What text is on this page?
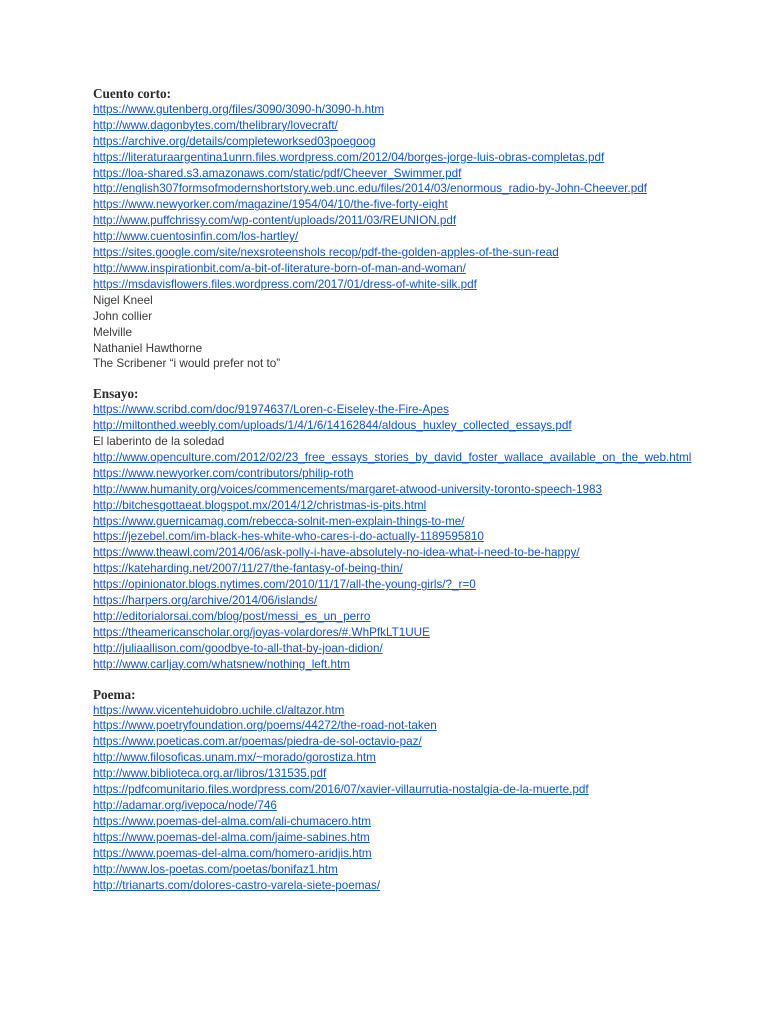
Cuento corto:
https://www.gutenberg.org/files/3090/3090-h/3090-h.htm
http://www.dagonbytes.com/thelibrary/lovecraft/
https://archive.org/details/completeworksed03poegoog
https://literaturaargentina1unrn.files.wordpress.com/2012/04/borges-jorge-luis-obras-completas.pdf
https://loa-shared.s3.amazonaws.com/static/pdf/Cheever_Swimmer.pdf
http://english307formsofmodernshortstory.web.unc.edu/files/2014/03/enormous_radio-by-John-Cheever.pdf
https://www.newyorker.com/magazine/1954/04/10/the-five-forty-eight
http://www.puffchrissy.com/wp-content/uploads/2011/03/REUNION.pdf
http://www.cuentosinfin.com/los-hartley/
https://sites.google.com/site/nexsroteenshols recop/pdf-the-golden-apples-of-the-sun-read
http://www.inspirationbit.com/a-bit-of-literature-born-of-man-and-woman/
https://msdavisflowers.files.wordpress.com/2017/01/dress-of-white-silk.pdf
Nigel Kneel
John collier
Melville
Nathaniel Hawthorne
The Scribener “i would prefer not to”
Ensayo:
https://www.scribd.com/doc/91974637/Loren-c-Eiseley-the-Fire-Apes
http://miltonthed.weebly.com/uploads/1/4/1/6/14162844/aldous_huxley_collected_essays.pdf
El laberinto de la soledad
http://www.openculture.com/2012/02/23_free_essays_stories_by_david_foster_wallace_available_on_the_web.html
https://www.newyorker.com/contributors/philip-roth
http://www.humanity.org/voices/commencements/margaret-atwood-university-toronto-speech-1983
http://bitchesgottaeat.blogspot.mx/2014/12/christmas-is-pits.html
https://www.guernicamag.com/rebecca-solnit-men-explain-things-to-me/
https://jezebel.com/im-black-hes-white-who-cares-i-do-actually-1189595810
https://www.theawl.com/2014/06/ask-polly-i-have-absolutely-no-idea-what-i-need-to-be-happy/
https://kateharding.net/2007/11/27/the-fantasy-of-being-thin/
https://opinionator.blogs.nytimes.com/2010/11/17/all-the-young-girls/?_r=0
https://harpers.org/archive/2014/06/islands/
http://editorialorsai.com/blog/post/messi_es_un_perro
https://theamericanscholar.org/joyas-volardores/#.WhPfkLT1UUE
http://juliaallison.com/goodbye-to-all-that-by-joan-didion/
http://www.carljay.com/whatsnew/nothing_left.htm
Poema:
https://www.vicentehuidobro.uchile.cl/altazor.htm
https://www.poetryfoundation.org/poems/44272/the-road-not-taken
https://www.poeticas.com.ar/poemas/piedra-de-sol-octavio-paz/
http://www.filosoficas.unam.mx/~morado/gorostiza.htm
http://www.biblioteca.org.ar/libros/131535.pdf
https://pdfcomunitario.files.wordpress.com/2016/07/xavier-villaurrutia-nostalgia-de-la-muerte.pdf
http://adamar.org/ivepoca/node/746
https://www.poemas-del-alma.com/ali-chumacero.htm
https://www.poemas-del-alma.com/jaime-sabines.htm
https://www.poemas-del-alma.com/homero-aridjis.htm
http://www.los-poetas.com/poetas/bonifaz1.htm
http://trianarts.com/dolores-castro-varela-siete-poemas/
